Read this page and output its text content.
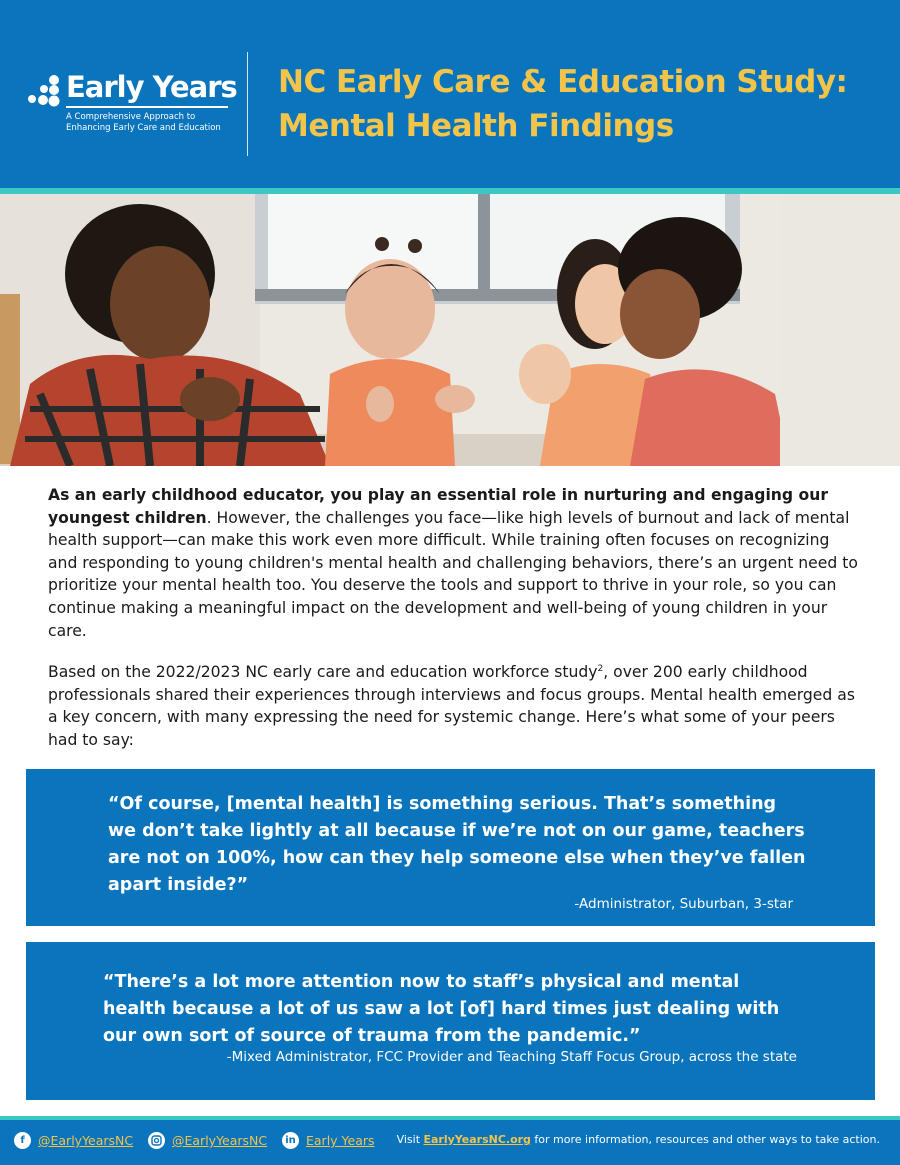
Early Years
A Comprehensive Approach to Enhancing Early Care and Education
NC Early Care & Education Study:
Mental Health Findings

As an early childhood educator, you play an essential role in nurturing and engaging our youngest children. However, the challenges you face—like high levels of burnout and lack of mental health support—can make this work even more difficult. While training often focuses on recognizing and responding to young children's mental health and challenging behaviors, there’s an urgent need to prioritize your mental health too. You deserve the tools and support to thrive in your role, so you can continue making a meaningful impact on the development and well-being of young children in your care.

Based on the 2022/2023 NC early care and education workforce study$^2$, over 200 early childhood professionals shared their experiences through interviews and focus groups. Mental health emerged as a key concern, with many expressing the need for systemic change. Here’s what some of your peers had to say:

“Of course, [mental health] is something serious. That’s something we don’t take lightly at all because if we’re not on our game, teachers are not on 100%, how can they help someone else when they’ve fallen apart inside?”
-Administrator, Suburban, 3-star
“There’s a lot more attention now to staff’s physical and mental health because a lot of us saw a lot [of] hard times just dealing with our own sort of source of trauma from the pandemic.”
-Mixed Administrator, FCC Provider and Teaching Staff Focus Group, across the state
f	@EarlyYearsNC	@EarlyYearsNC	in Early Years Visit EarlyYearsNC.org for more information, resources and other ways to take action.
